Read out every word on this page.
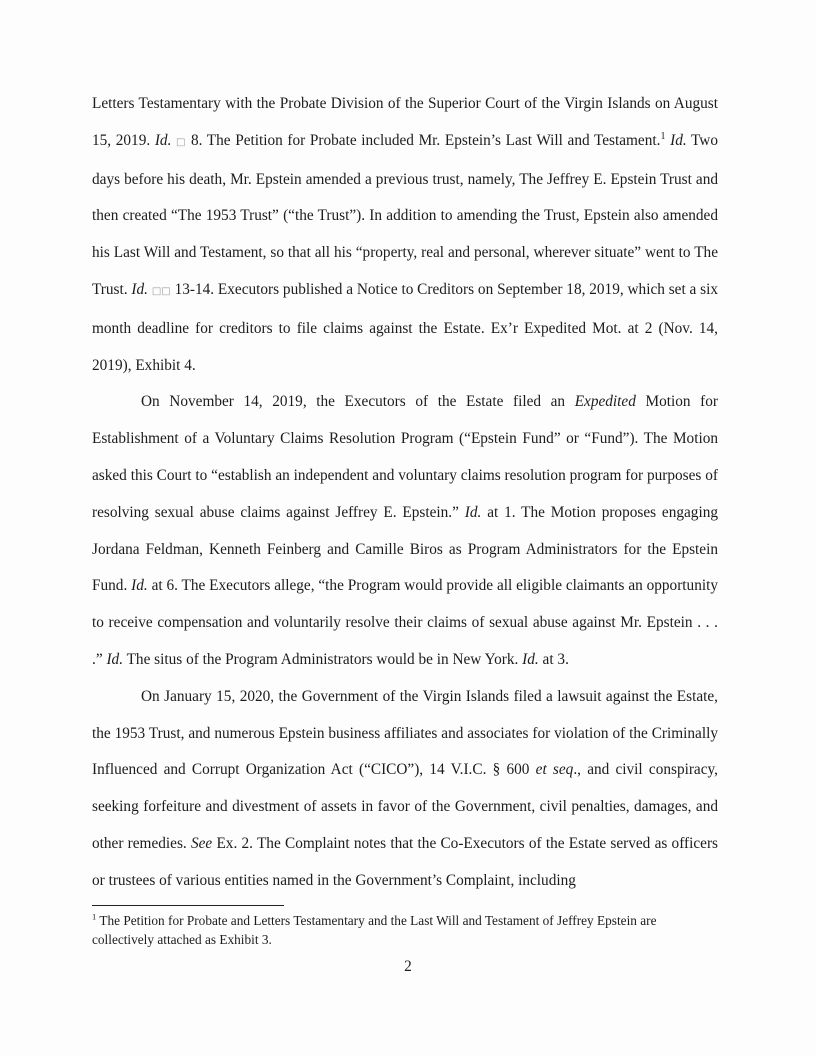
Letters Testamentary with the Probate Division of the Superior Court of the Virgin Islands on August 15, 2019. Id. □ 8. The Petition for Probate included Mr. Epstein’s Last Will and Testament.$^1$ Id. Two days before his death, Mr. Epstein amended a previous trust, namely, The Jeffrey E. Epstein Trust and then created “The 1953 Trust” (“the Trust”). In addition to amending the Trust, Epstein also amended his Last Will and Testament, so that all his “property, real and personal, wherever situate” went to The Trust. Id. □□ 13-14. Executors published a Notice to Creditors on September 18, 2019, which set a six month deadline for creditors to file claims against the Estate. Ex’r Expedited Mot. at 2 (Nov. 14, 2019), Exhibit 4.

On November 14, 2019, the Executors of the Estate filed an Expedited Motion for Establishment of a Voluntary Claims Resolution Program (“Epstein Fund” or “Fund”). The Motion asked this Court to “establish an independent and voluntary claims resolution program for purposes of resolving sexual abuse claims against Jeffrey E. Epstein.” Id. at 1. The Motion proposes engaging Jordana Feldman, Kenneth Feinberg and Camille Biros as Program Administrators for the Epstein Fund. Id. at 6. The Executors allege, “the Program would provide all eligible claimants an opportunity to receive compensation and voluntarily resolve their claims of sexual abuse against Mr. Epstein . . . .” Id. The situs of the Program Administrators would be in New York. Id. at 3.

On January 15, 2020, the Government of the Virgin Islands filed a lawsuit against the Estate, the 1953 Trust, and numerous Epstein business affiliates and associates for violation of the Criminally Influenced and Corrupt Organization Act (“CICO”), 14 V.I.C. § 600 et seq., and civil conspiracy, seeking forfeiture and divestment of assets in favor of the Government, civil penalties, damages, and other remedies. See Ex. 2. The Complaint notes that the Co-Executors of the Estate served as officers or trustees of various entities named in the Government’s Complaint, including

$^1$ The Petition for Probate and Letters Testamentary and the Last Will and Testament of Jeffrey Epstein are collectively attached as Exhibit 3.
2
